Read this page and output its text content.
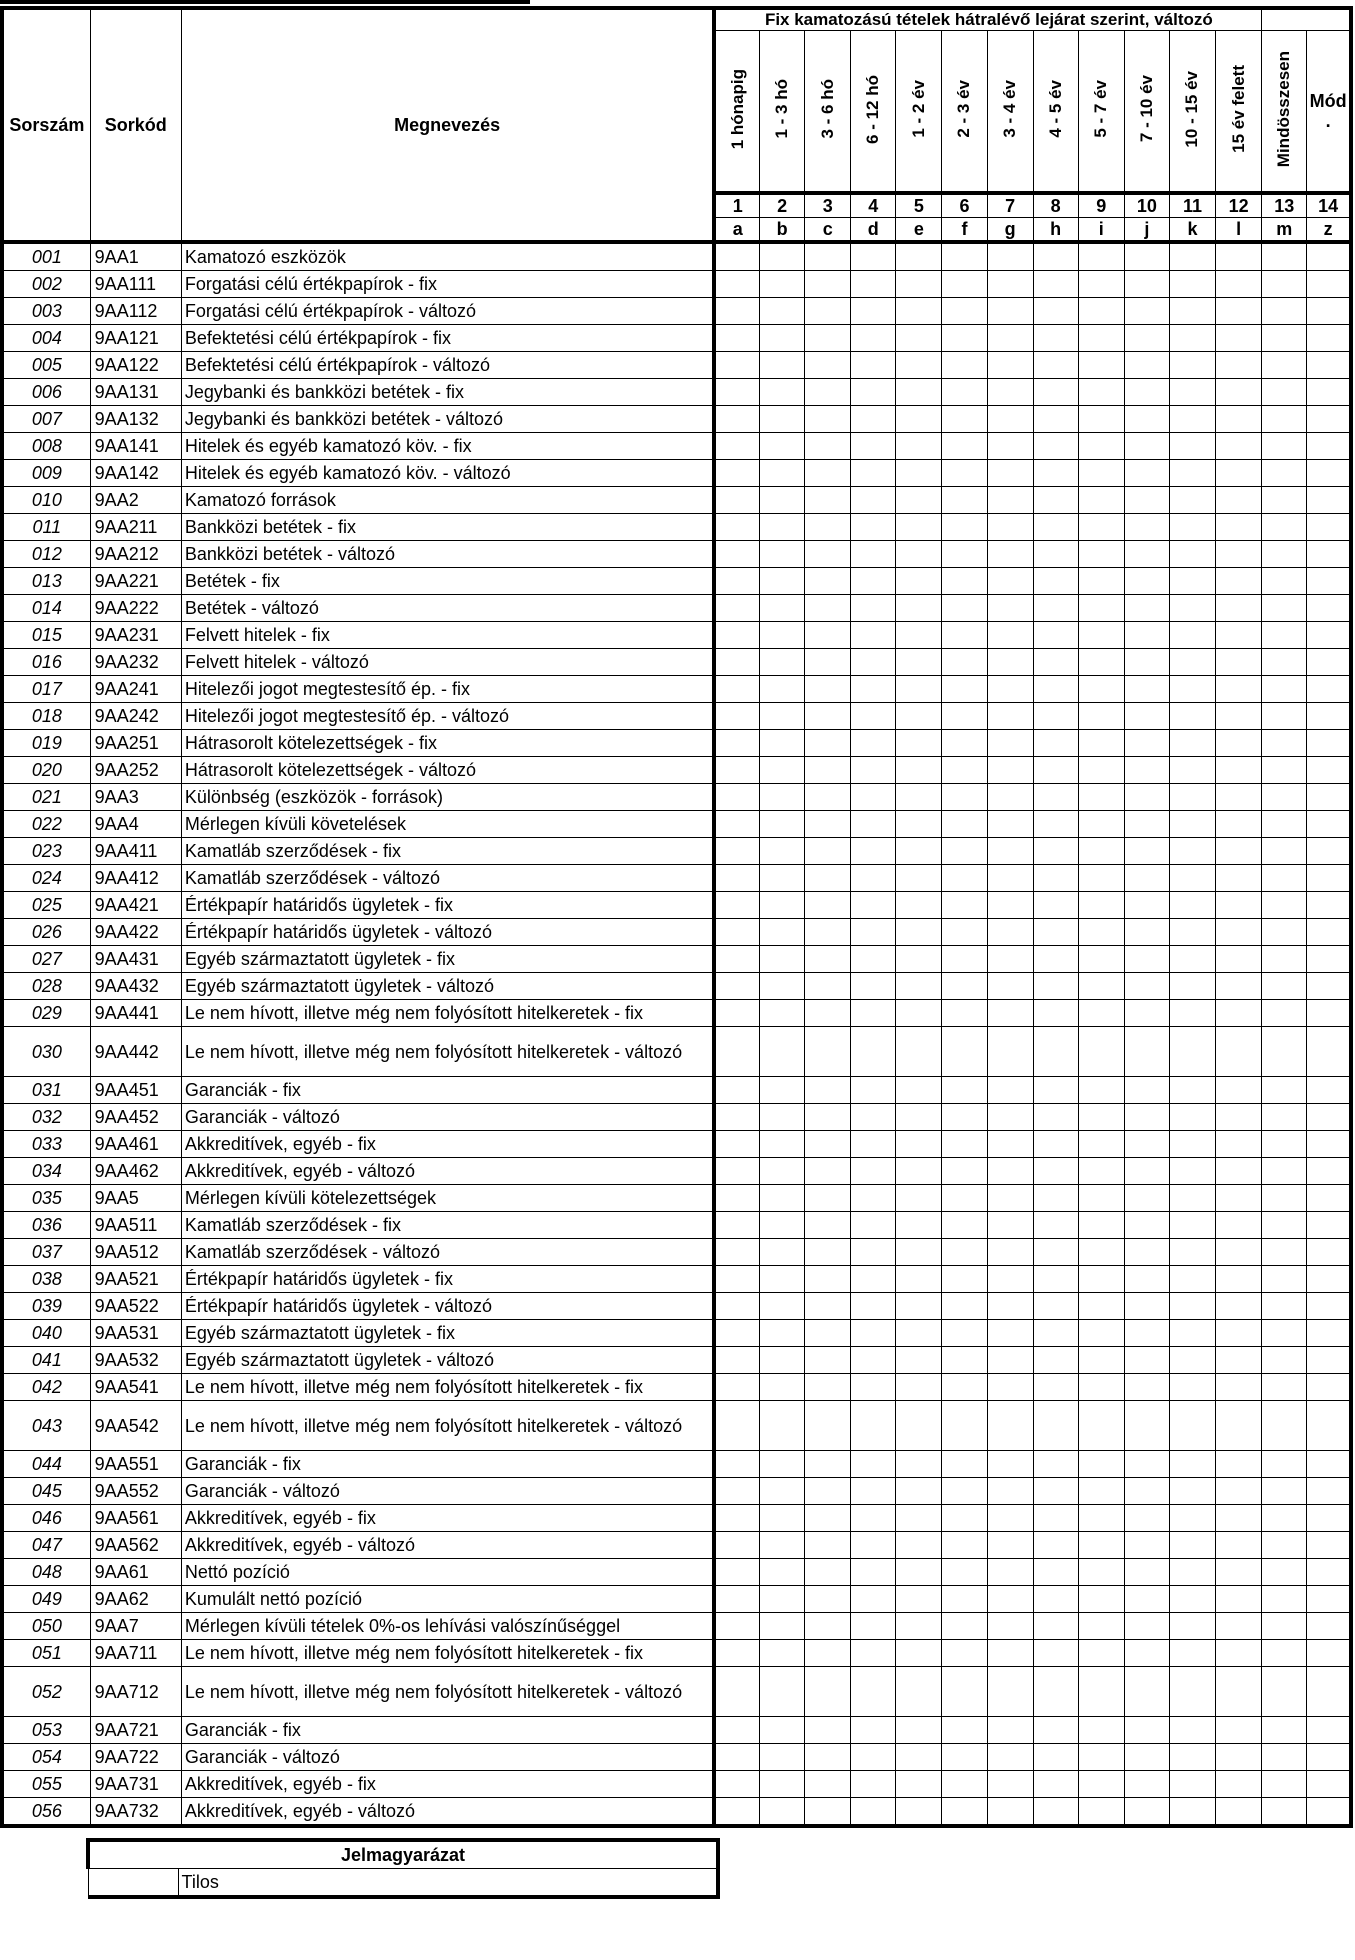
Sorszám	Sorkód	Megnevezés	Fix kamatozású tételek hátralévő lejárat szerint, változó													
			1 hónapig	1 - 3 hó	3 - 6 hó	6 - 12 hó	1 - 2 év	2 - 3 év	3 - 4 év	4 - 5 év	5 - 7 év	7 - 10 év	10 - 15 év	15 év felett	Mindösszesen	Mód
.

			1	2	3	4	5	6	7	8	9	10	11	12	13	14
			a	b	c	d	e	f	g	h	i	j	k	l	m	z
001	9AA1	Kamatozó eszközök														
002	9AA111	Forgatási célú értékpapírok - fix														
003	9AA112	Forgatási célú értékpapírok - változó														
004	9AA121	Befektetési célú értékpapírok - fix														
005	9AA122	Befektetési célú értékpapírok - változó														
006	9AA131	Jegybanki és bankközi betétek - fix														
007	9AA132	Jegybanki és bankközi betétek - változó														
008	9AA141	Hitelek és egyéb kamatozó köv. - fix														
009	9AA142	Hitelek és egyéb kamatozó köv. - változó														
010	9AA2	Kamatozó források														
011	9AA211	Bankközi betétek - fix														
012	9AA212	Bankközi betétek - változó														
013	9AA221	Betétek - fix														
014	9AA222	Betétek - változó														
015	9AA231	Felvett hitelek - fix														
016	9AA232	Felvett hitelek - változó														
017	9AA241	Hitelezői jogot megtestesítő ép. - fix														
018	9AA242	Hitelezői jogot megtestesítő ép. - változó														
019	9AA251	Hátrasorolt kötelezettségek - fix														
020	9AA252	Hátrasorolt kötelezettségek - változó														
021	9AA3	Különbség (eszközök - források)														
022	9AA4	Mérlegen kívüli követelések														
023	9AA411	Kamatláb szerződések - fix														
024	9AA412	Kamatláb szerződések - változó														
025	9AA421	Értékpapír határidős ügyletek - fix														
026	9AA422	Értékpapír határidős ügyletek - változó														
027	9AA431	Egyéb származtatott ügyletek - fix														
028	9AA432	Egyéb származtatott ügyletek - változó														
029	9AA441	Le nem hívott, illetve még nem folyósított hitelkeretek - fix														
030	9AA442	Le nem hívott, illetve még nem folyósított hitelkeretek - változó														
031	9AA451	Garanciák - fix														
032	9AA452	Garanciák - változó														
033	9AA461	Akkreditívek, egyéb - fix														
034	9AA462	Akkreditívek, egyéb - változó														
035	9AA5	Mérlegen kívüli kötelezettségek														
036	9AA511	Kamatláb szerződések - fix														
037	9AA512	Kamatláb szerződések - változó														
038	9AA521	Értékpapír határidős ügyletek - fix														
039	9AA522	Értékpapír határidős ügyletek - változó														
040	9AA531	Egyéb származtatott ügyletek - fix														
041	9AA532	Egyéb származtatott ügyletek - változó														
042	9AA541	Le nem hívott, illetve még nem folyósított hitelkeretek - fix														
043	9AA542	Le nem hívott, illetve még nem folyósított hitelkeretek - változó														
044	9AA551	Garanciák - fix														
045	9AA552	Garanciák - változó														
046	9AA561	Akkreditívek, egyéb - fix														
047	9AA562	Akkreditívek, egyéb - változó														
048	9AA61	Nettó pozíció														
049	9AA62	Kumulált nettó pozíció														
050	9AA7	Mérlegen kívüli tételek 0%-os lehívási valószínűséggel														
051	9AA711	Le nem hívott, illetve még nem folyósított hitelkeretek - fix														
052	9AA712	Le nem hívott, illetve még nem folyósított hitelkeretek - változó														
053	9AA721	Garanciák - fix														
054	9AA722	Garanciák - változó														
055	9AA731	Akkreditívek, egyéb - fix														
056	9AA732	Akkreditívek, egyéb - változó														
Jelmagyarázat
	Tilos
